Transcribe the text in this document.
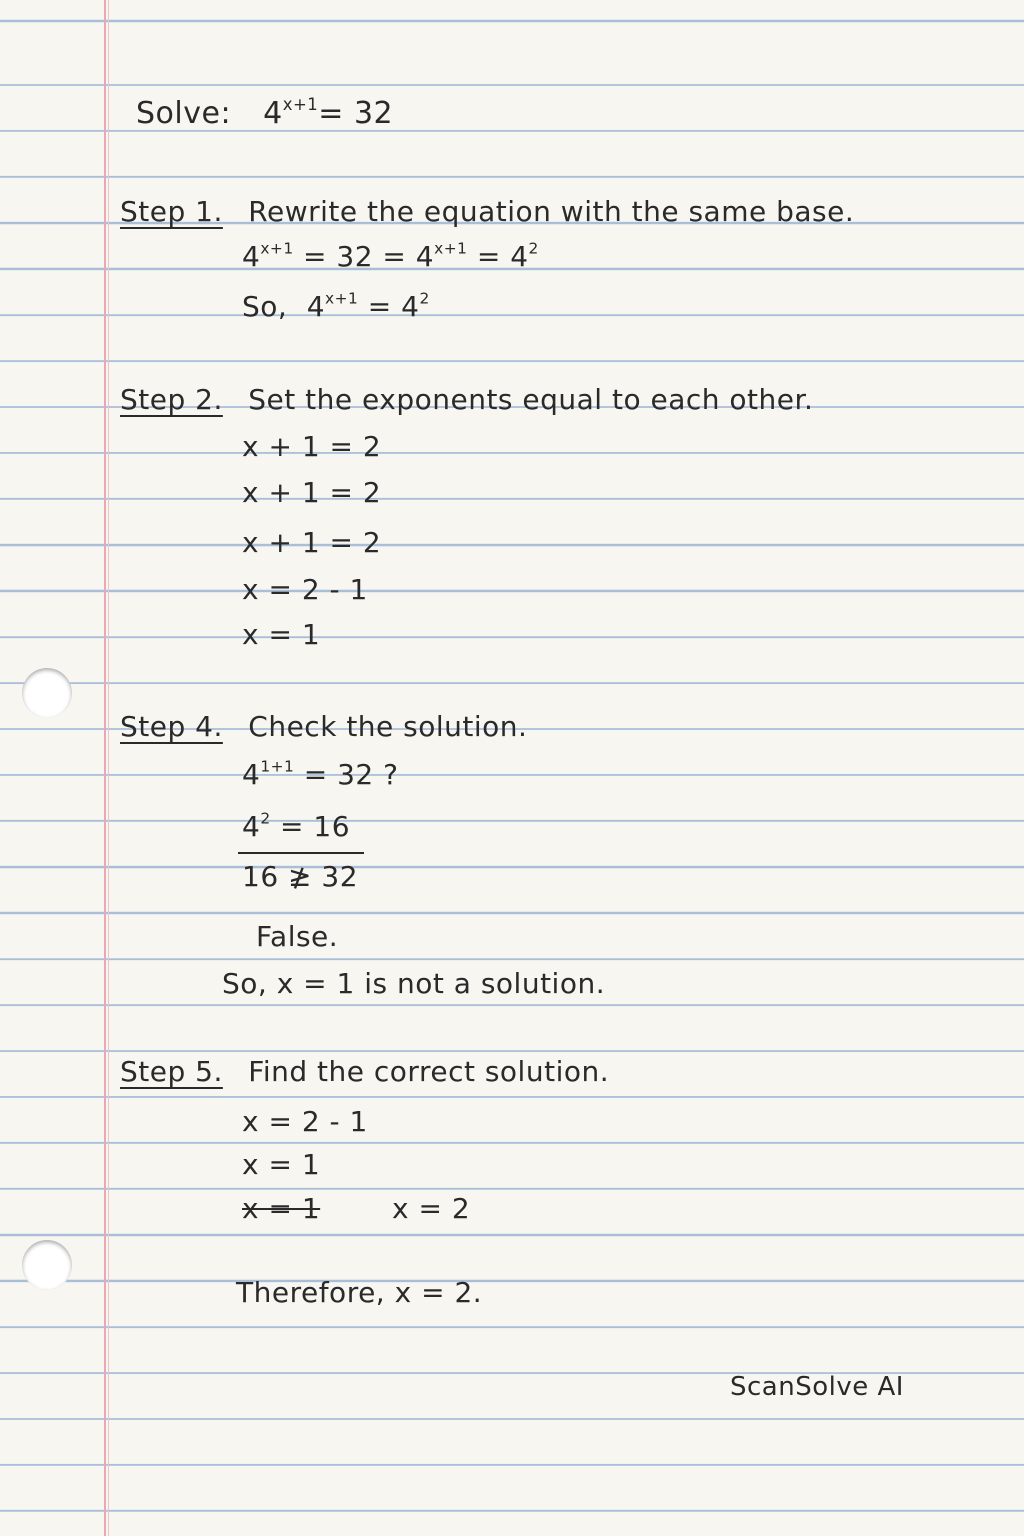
Solve: $4^{x+1}= 32$
Step 1. Rewrite the equation with the same base.
$4^{x+1} = 32 = 4^{x+1} = 4^2$
So, $4^{x+1} = 4^2$
Step 2. Set the exponents equal to each other.
x + 1 = 2
x + 1 = 2
x + 1 = 2
x = 2 - 1
x = 1
Step 4. Check the solution.
$4^{1+1} = 32$ ?
$4^2 = 16$
16 ≱ 32
False.
So, x = 1 is not a solution.
Step 5. Find the correct solution.
x = 2 - 1
x = 1
x = 1	x = 2
Therefore, x = 2.
ScanSolve AI
